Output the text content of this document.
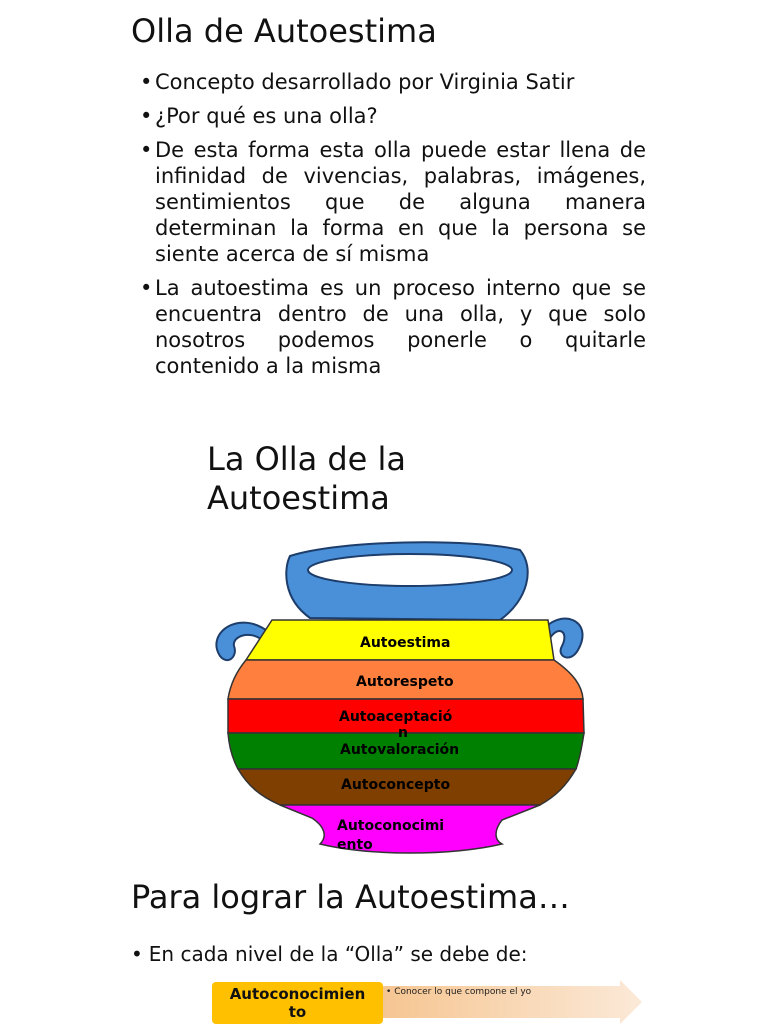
Olla de Autoestima
• Concepto desarrollado por Virginia Satir
• ¿Por qué es una olla?
• De esta forma esta olla puede estar llena de infinidad de vivencias, palabras, imágenes, sentimientos que de alguna manera determinan la forma en que la persona se siente acerca de sí misma
• La autoestima es un proceso interno que se encuentra dentro de una olla, y que solo nosotros podemos ponerle o quitarle contenido a la misma
La Olla de la
Autoestima
Autoestima
Autorespeto
Autoaceptació
n
Autovaloración
Autoconcepto
Autoconocimi
ento
Para lograr la Autoestima…
• En cada nivel de la “Olla” se debe de:
Autoconocimien
to
• Conocer lo que compone el yo
